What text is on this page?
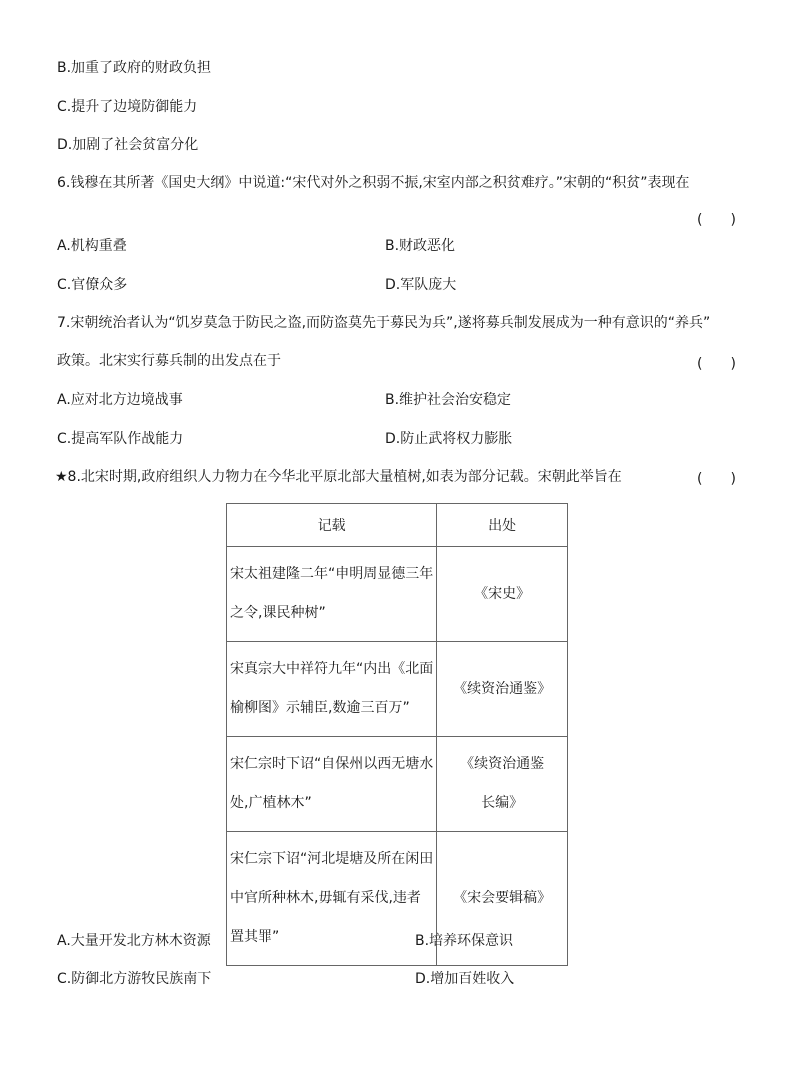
B.加重了政府的财政负担
C.提升了边境防御能力
D.加剧了社会贫富分化
6.钱穆在其所著《国史大纲》中说道:“宋代对外之积弱不振,宋室内部之积贫难疗。”宋朝的“积贫”表现在
(　　)
A.机构重叠	B.财政恶化
C.官僚众多	D.军队庞大
7.宋朝统治者认为“饥岁莫急于防民之盗,而防盗莫先于募民为兵”,遂将募兵制发展成为一种有意识的“养兵”
政策。北宋实行募兵制的出发点在于	(　　)
A.应对北方边境战事	B.维护社会治安稳定
C.提高军队作战能力	D.防止武将权力膨胀
★8.北宋时期,政府组织人力物力在今华北平原北部大量植树,如表为部分记载。宋朝此举旨在	(　　)
记载	出处
宋太祖建隆二年“申明周显德三年之令,课民种树”	《宋史》
宋真宗大中祥符九年“内出《北面榆柳图》示辅臣,数逾三百万”	《续资治通鉴》
宋仁宗时下诏“自保州以西无塘水处,广植林木”	《续资治通鉴长编》
宋仁宗下诏“河北堤塘及所在闲田中官所种林木,毋辄有采伐,违者置其罪”	《宋会要辑稿》
A.大量开发北方林木资源	B.培养环保意识
C.防御北方游牧民族南下	D.增加百姓收入
